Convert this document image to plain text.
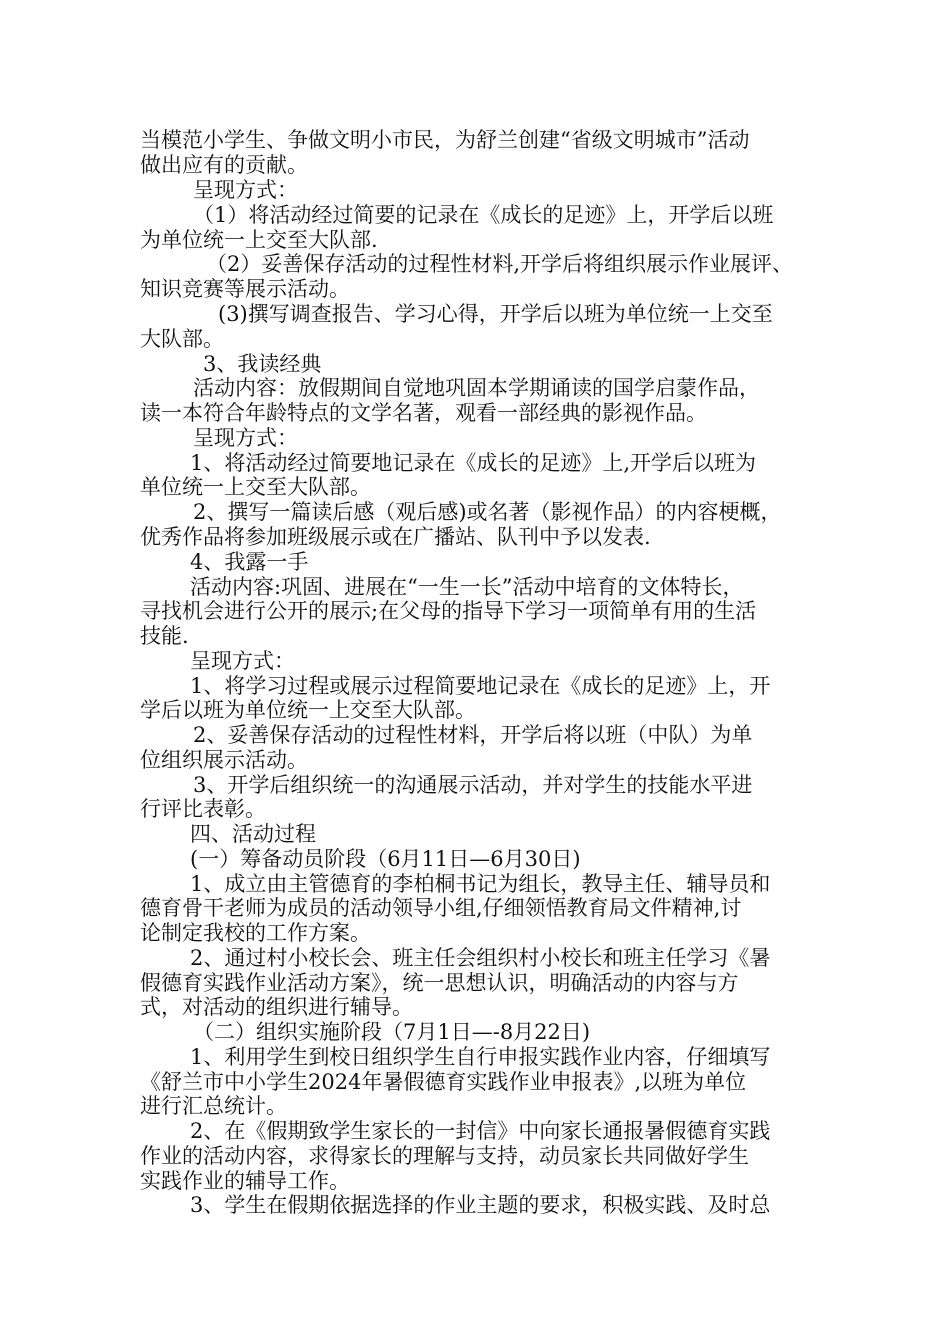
当模范小学生、争做文明小市民，为舒兰创建“省级文明城市”活动

做出应有的贡献。

呈现方式：

（1）将活动经过简要的记录在《成长的足迹》上，开学后以班

为单位统一上交至大队部.

（2）妥善保存活动的过程性材料,开学后将组织展示作业展评、

知识竞赛等展示活动。

(3)撰写调查报告、学习心得，开学后以班为单位统一上交至

大队部。

3、我读经典

活动内容：放假期间自觉地巩固本学期诵读的国学启蒙作品，

读一本符合年龄特点的文学名著，观看一部经典的影视作品。

呈现方式：

1、将活动经过简要地记录在《成长的足迹》上,开学后以班为

单位统一上交至大队部。

2、撰写一篇读后感（观后感)或名著（影视作品）的内容梗概，

优秀作品将参加班级展示或在广播站、队刊中予以发表.

4、我露一手

活动内容:巩固、进展在“一生一长”活动中培育的文体特长，

寻找机会进行公开的展示;在父母的指导下学习一项简单有用的生活

技能.

呈现方式：

1、将学习过程或展示过程简要地记录在《成长的足迹》上，开

学后以班为单位统一上交至大队部。

2、妥善保存活动的过程性材料，开学后将以班（中队）为单

位组织展示活动。

3、开学后组织统一的沟通展示活动，并对学生的技能水平进

行评比表彰。

四、活动过程

(一）筹备动员阶段（6月11日—6月30日)

1、成立由主管德育的李柏桐书记为组长，教导主任、辅导员和

德育骨干老师为成员的活动领导小组,仔细领悟教育局文件精神,讨

论制定我校的工作方案。

2、通过村小校长会、班主任会组织村小校长和班主任学习《暑

假德育实践作业活动方案》，统一思想认识，明确活动的内容与方

式，对活动的组织进行辅导。

（二）组织实施阶段（7月1日—-8月22日)

1、利用学生到校日组织学生自行申报实践作业内容，仔细填写

《舒兰市中小学生2024年暑假德育实践作业申报表》,以班为单位

进行汇总统计。

2、在《假期致学生家长的一封信》中向家长通报暑假德育实践

作业的活动内容，求得家长的理解与支持，动员家长共同做好学生

实践作业的辅导工作。

3、学生在假期依据选择的作业主题的要求，积极实践、及时总
